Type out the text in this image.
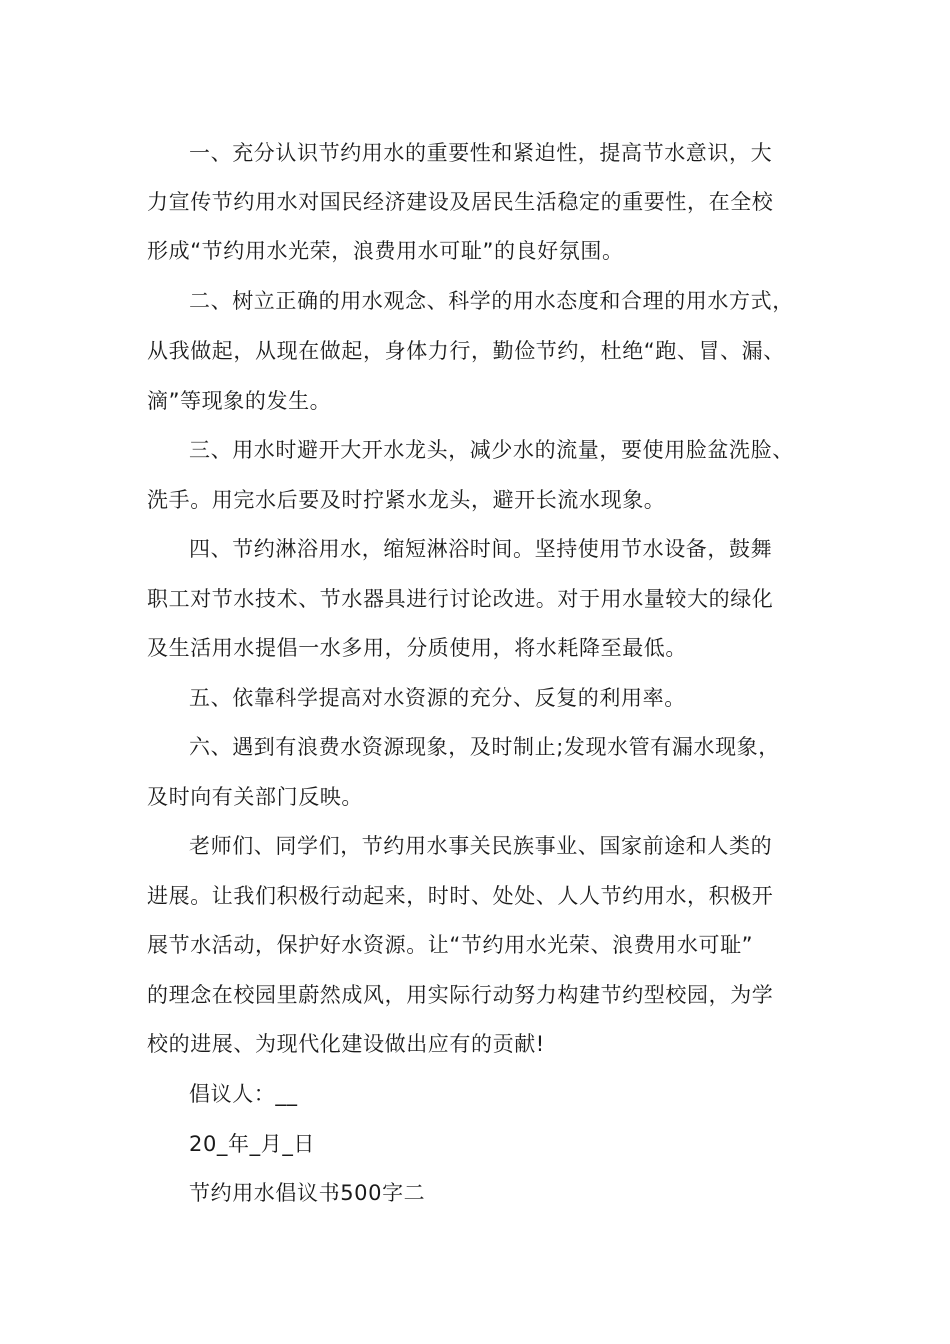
一、充分认识节约用水的重要性和紧迫性，提高节水意识，大
力宣传节约用水对国民经济建设及居民生活稳定的重要性，在全校
形成“节约用水光荣，浪费用水可耻”的良好氛围。
二、树立正确的用水观念、科学的用水态度和合理的用水方式，
从我做起，从现在做起，身体力行，勤俭节约，杜绝“跑、冒、漏、
滴”等现象的发生。
三、用水时避开大开水龙头，减少水的流量，要使用脸盆洗脸、
洗手。用完水后要及时拧紧水龙头，避开长流水现象。
四、节约淋浴用水，缩短淋浴时间。坚持使用节水设备，鼓舞
职工对节水技术、节水器具进行讨论改进。对于用水量较大的绿化
及生活用水提倡一水多用，分质使用，将水耗降至最低。
五、依靠科学提高对水资源的充分、反复的利用率。
六、遇到有浪费水资源现象，及时制止;发现水管有漏水现象，
及时向有关部门反映。
老师们、同学们，节约用水事关民族事业、国家前途和人类的
进展。让我们积极行动起来，时时、处处、人人节约用水，积极开
展节水活动，保护好水资源。让“节约用水光荣、浪费用水可耻”
的理念在校园里蔚然成风，用实际行动努力构建节约型校园，为学
校的进展、为现代化建设做出应有的贡献!
倡议人：__
20_年_月_日
节约用水倡议书500字二
